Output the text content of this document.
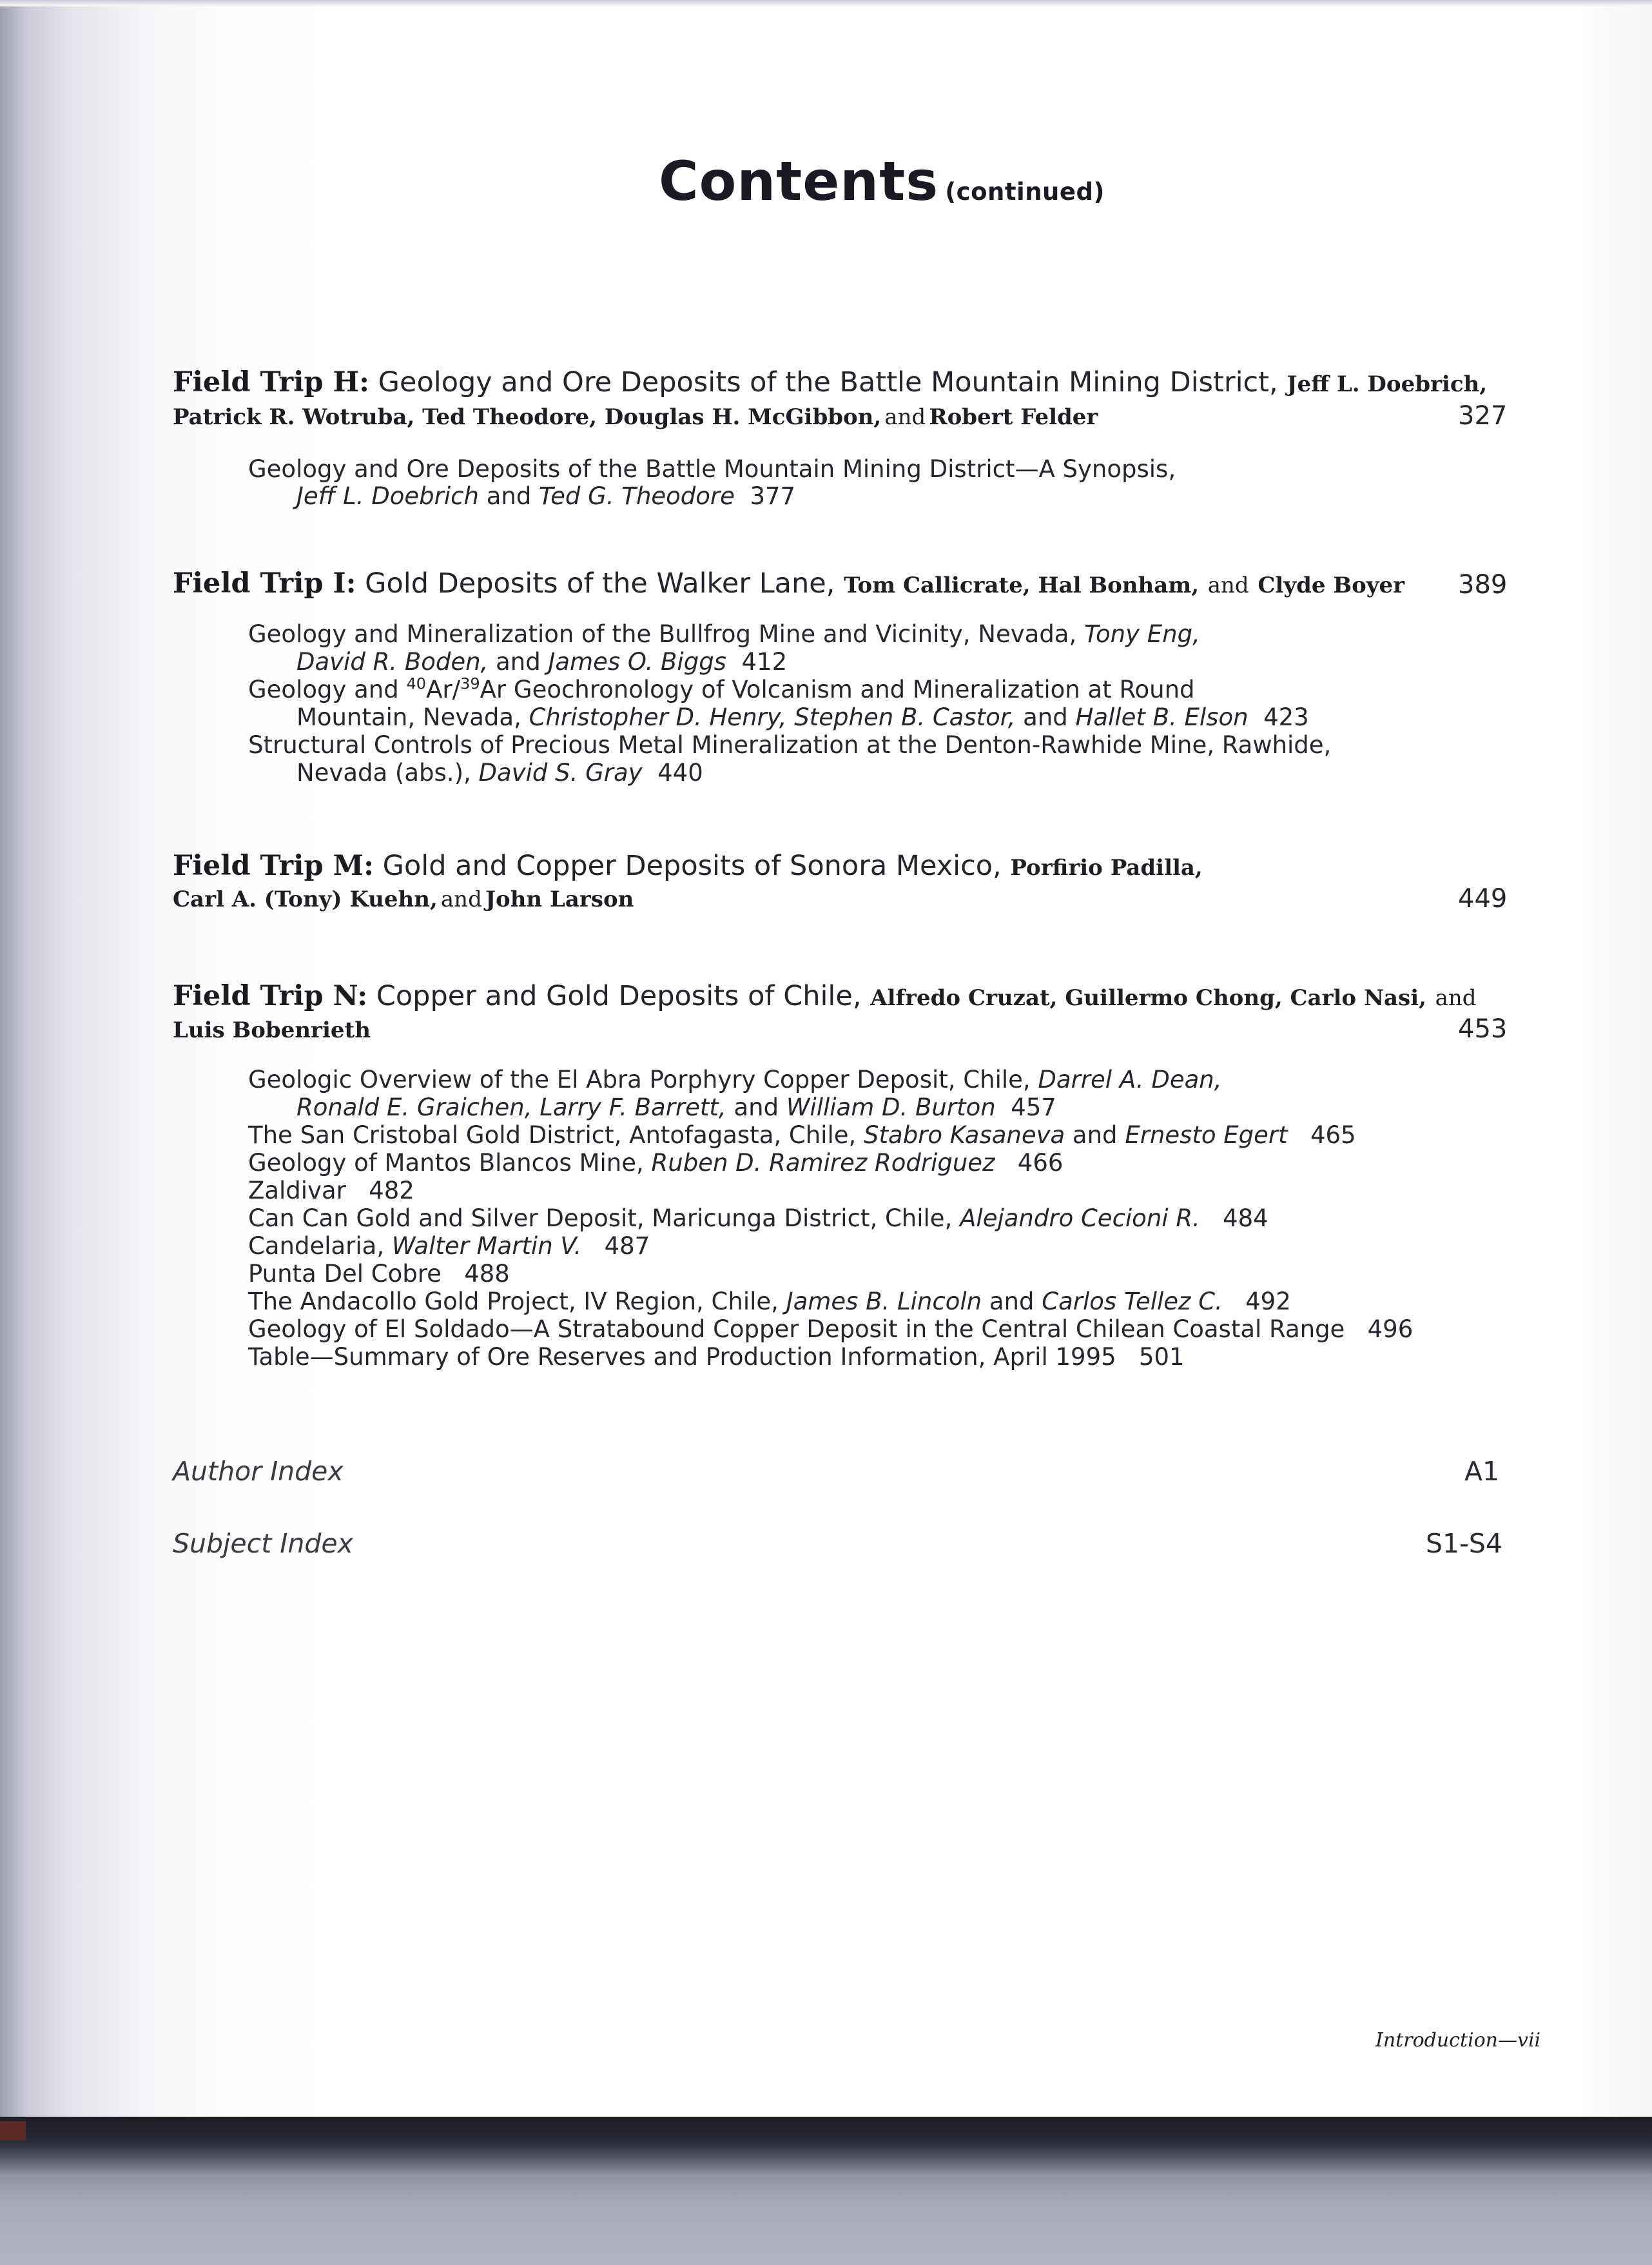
Contents (continued)
Field Trip H: Geology and Ore Deposits of the Battle Mountain Mining District, Jeff L. Doebrich,
Patrick R. Wotruba, Ted Theodore, Douglas H. McGibbon, and Robert Felder	327
Geology and Ore Deposits of the Battle Mountain Mining District—A Synopsis,
Jeff L. Doebrich and Ted G. Theodore 377
Field Trip I: Gold Deposits of the Walker Lane, Tom Callicrate, Hal Bonham, and Clyde Boyer 389
Geology and Mineralization of the Bullfrog Mine and Vicinity, Nevada, Tony Eng,
David R. Boden, and James O. Biggs 412
Geology and $^{40}$Ar/$^{39}$Ar Geochronology of Volcanism and Mineralization at Round
Mountain, Nevada, Christopher D. Henry, Stephen B. Castor, and Hallet B. Elson 423
Structural Controls of Precious Metal Mineralization at the Denton-Rawhide Mine, Rawhide,
Nevada (abs.), David S. Gray 440
Field Trip M: Gold and Copper Deposits of Sonora Mexico, Porfirio Padilla,
Carl A. (Tony) Kuehn, and John Larson	449
Field Trip N: Copper and Gold Deposits of Chile, Alfredo Cruzat, Guillermo Chong, Carlo Nasi, and
Luis Bobenrieth	453
Geologic Overview of the El Abra Porphyry Copper Deposit, Chile, Darrel A. Dean,
Ronald E. Graichen, Larry F. Barrett, and William D. Burton 457
The San Cristobal Gold District, Antofagasta, Chile, Stabro Kasaneva and Ernesto Egert 465
Geology of Mantos Blancos Mine, Ruben D. Ramirez Rodriguez 466
Zaldivar 482
Can Can Gold and Silver Deposit, Maricunga District, Chile, Alejandro Cecioni R. 484
Candelaria, Walter Martin V. 487
Punta Del Cobre 488
The Andacollo Gold Project, IV Region, Chile, James B. Lincoln and Carlos Tellez C. 492
Geology of El Soldado—A Stratabound Copper Deposit in the Central Chilean Coastal Range 496
Table—Summary of Ore Reserves and Production Information, April 1995 501
Author Index	A1
Subject Index	S1-S4
Introduction—vii
